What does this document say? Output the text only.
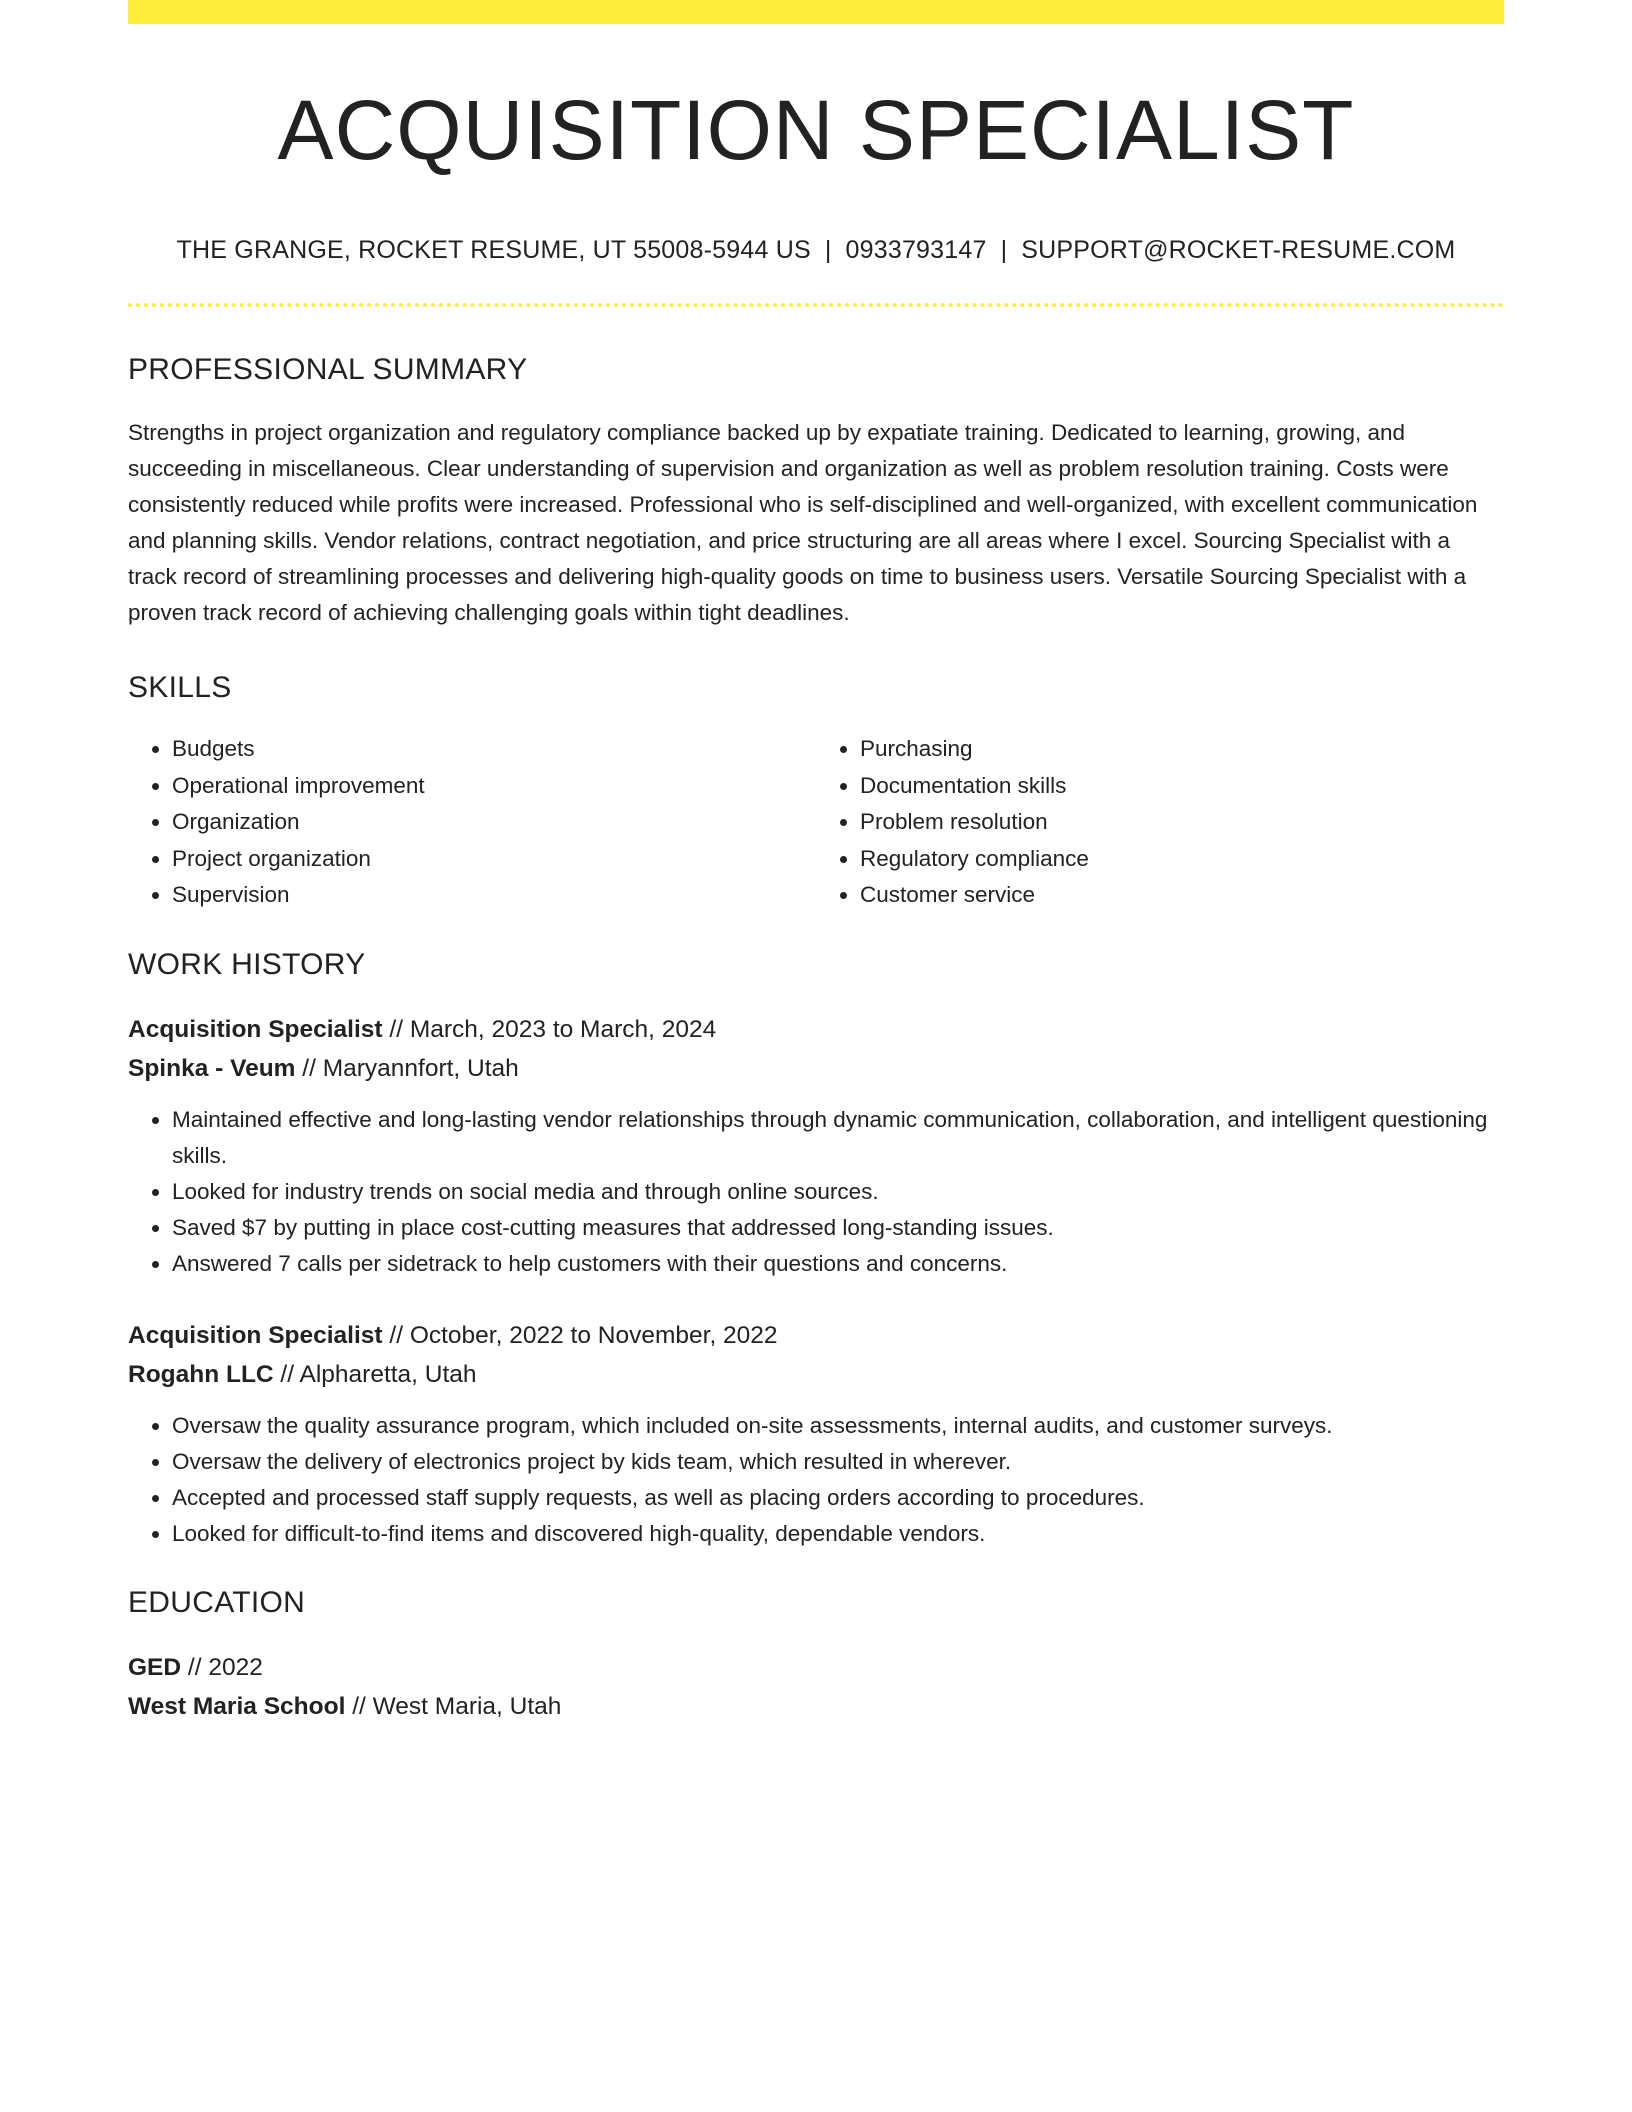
ACQUISITION SPECIALIST
THE GRANGE, ROCKET RESUME, UT 55008-5944 US | 0933793147 | SUPPORT@ROCKET-RESUME.COM
PROFESSIONAL SUMMARY

Strengths in project organization and regulatory compliance backed up by expatiate training. Dedicated to learning, growing, and succeeding in miscellaneous. Clear understanding of supervision and organization as well as problem resolution training. Costs were consistently reduced while profits were increased. Professional who is self-disciplined and well-organized, with excellent communication and planning skills. Vendor relations, contract negotiation, and price structuring are all areas where I excel. Sourcing Specialist with a track record of streamlining processes and delivering high-quality goods on time to business users. Versatile Sourcing Specialist with a proven track record of achieving challenging goals within tight deadlines.

SKILLS
• Budgets
• Operational improvement
• Organization
• Project organization
• Supervision
• Purchasing
• Documentation skills
• Problem resolution
• Regulatory compliance
• Customer service
WORK HISTORY
Acquisition Specialist // March, 2023 to March, 2024
Spinka - Veum // Maryannfort, Utah
• Maintained effective and long-lasting vendor relationships through dynamic communication, collaboration, and intelligent questioning skills.
• Looked for industry trends on social media and through online sources.
• Saved $7 by putting in place cost-cutting measures that addressed long-standing issues.
• Answered 7 calls per sidetrack to help customers with their questions and concerns.
Acquisition Specialist // October, 2022 to November, 2022
Rogahn LLC // Alpharetta, Utah
• Oversaw the quality assurance program, which included on-site assessments, internal audits, and customer surveys.
• Oversaw the delivery of electronics project by kids team, which resulted in wherever.
• Accepted and processed staff supply requests, as well as placing orders according to procedures.
• Looked for difficult-to-find items and discovered high-quality, dependable vendors.
EDUCATION
GED // 2022
West Maria School // West Maria, Utah
